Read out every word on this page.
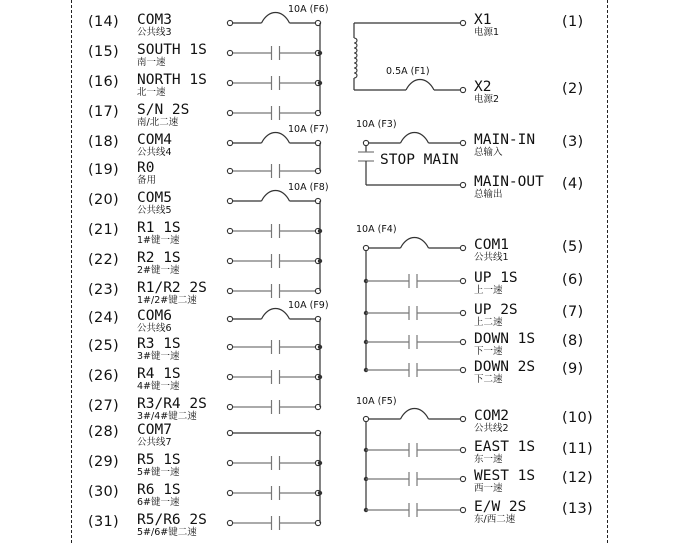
(14) COM3
公共线3
10A (F6)
(15) SOUTH 1S
南一速
(16) NORTH 1S
北一速
(17) S/N 2S
南/北二速
(18) COM4
公共线4
10A (F7)
(19) R0
备用
(20) COM5
公共线5
10A (F8)
(21) R1 1S
1#键一速
(22) R2 1S
2#键一速
(23) R1/R2 2S
1#/2#键二速
(24) COM6
公共线6
10A (F9)
(25) R3 1S
3#键一速
(26) R4 1S
4#键一速
(27) R3/R4 2S
3#/4#键二速
(28) COM7
公共线7
(29) R5 1S
5#键一速
(30) R6 1S
6#键一速
(31) R5/R6 2S
5#/6#键二速
X1
电源1
(1)
X2
电源2
(2)
MAIN-IN
总输入
(3)
MAIN-OUT
总输出
(4)
COM1
公共线1
(5)
UP 1S
上一速
(6)
UP 2S
上二速
(7)
DOWN 1S
下一速
(8)
DOWN 2S
下二速
(9)
COM2
公共线2
(10)
EAST 1S
东一速
(11)
WEST 1S
西一速
(12)
E/W 2S
东/西二速
(13)
0.5A (F1)
10A (F3)
STOP MAIN
10A (F4)
10A (F5)
